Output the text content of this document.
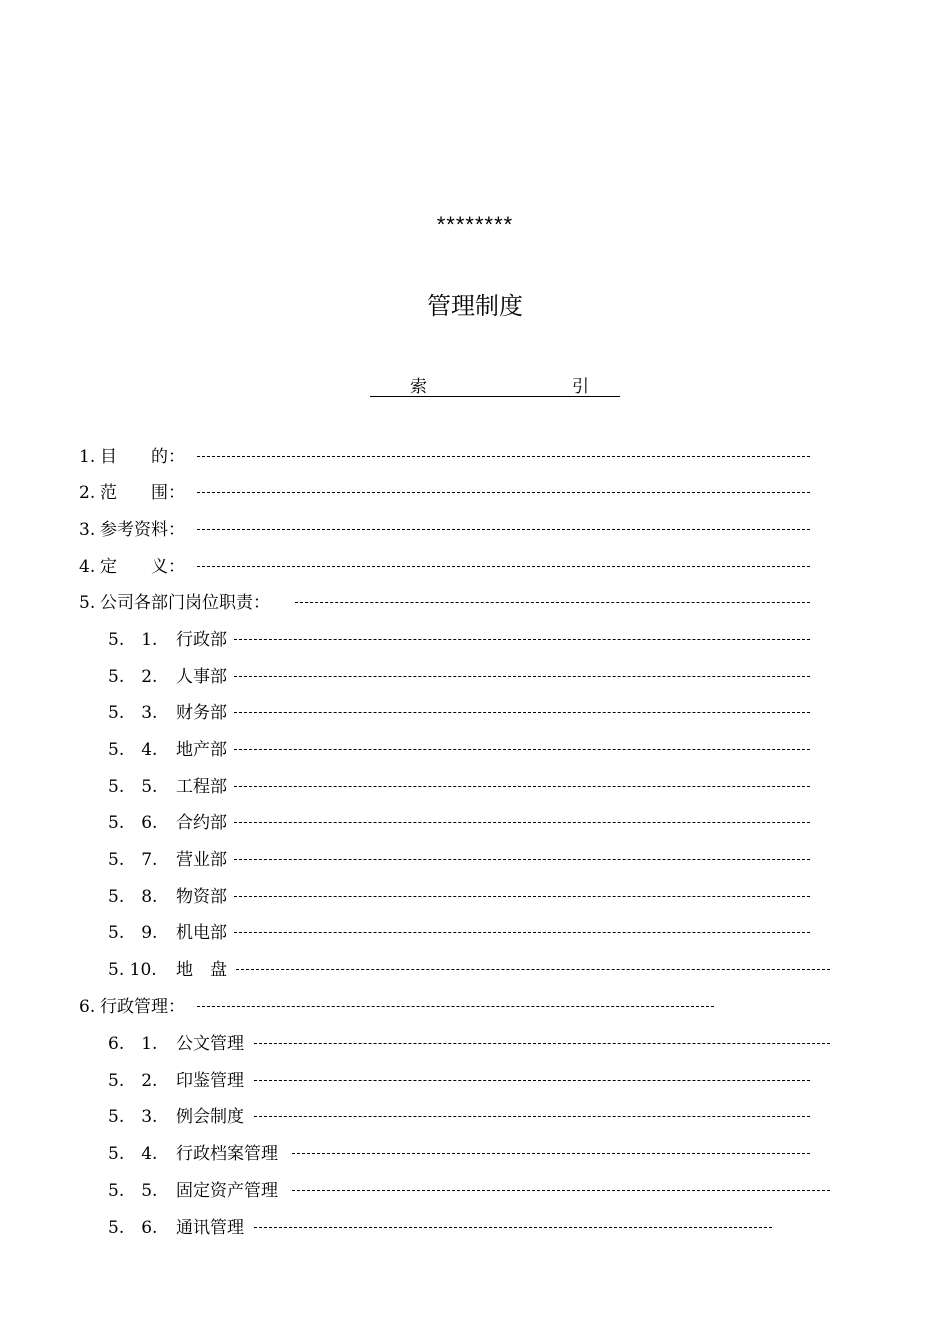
********
管理制度
索	引
1. 目　　的：
2. 范　　围：
3. 参考资料：
4. 定　　义：
5. 公司各部门岗位职责：
5.　1. 行政部
5.　2. 人事部
5.　3. 财务部
5.　4. 地产部
5.　5. 工程部
5.　6. 合约部
5.　7. 营业部
5.　8. 物资部
5.　9. 机电部
5. 10. 地　盘
6. 行政管理：
6.　1. 公文管理
5.　2. 印鉴管理
5.　3. 例会制度
5.　4. 行政档案管理
5.　5. 固定资产管理
5.　6. 通讯管理
